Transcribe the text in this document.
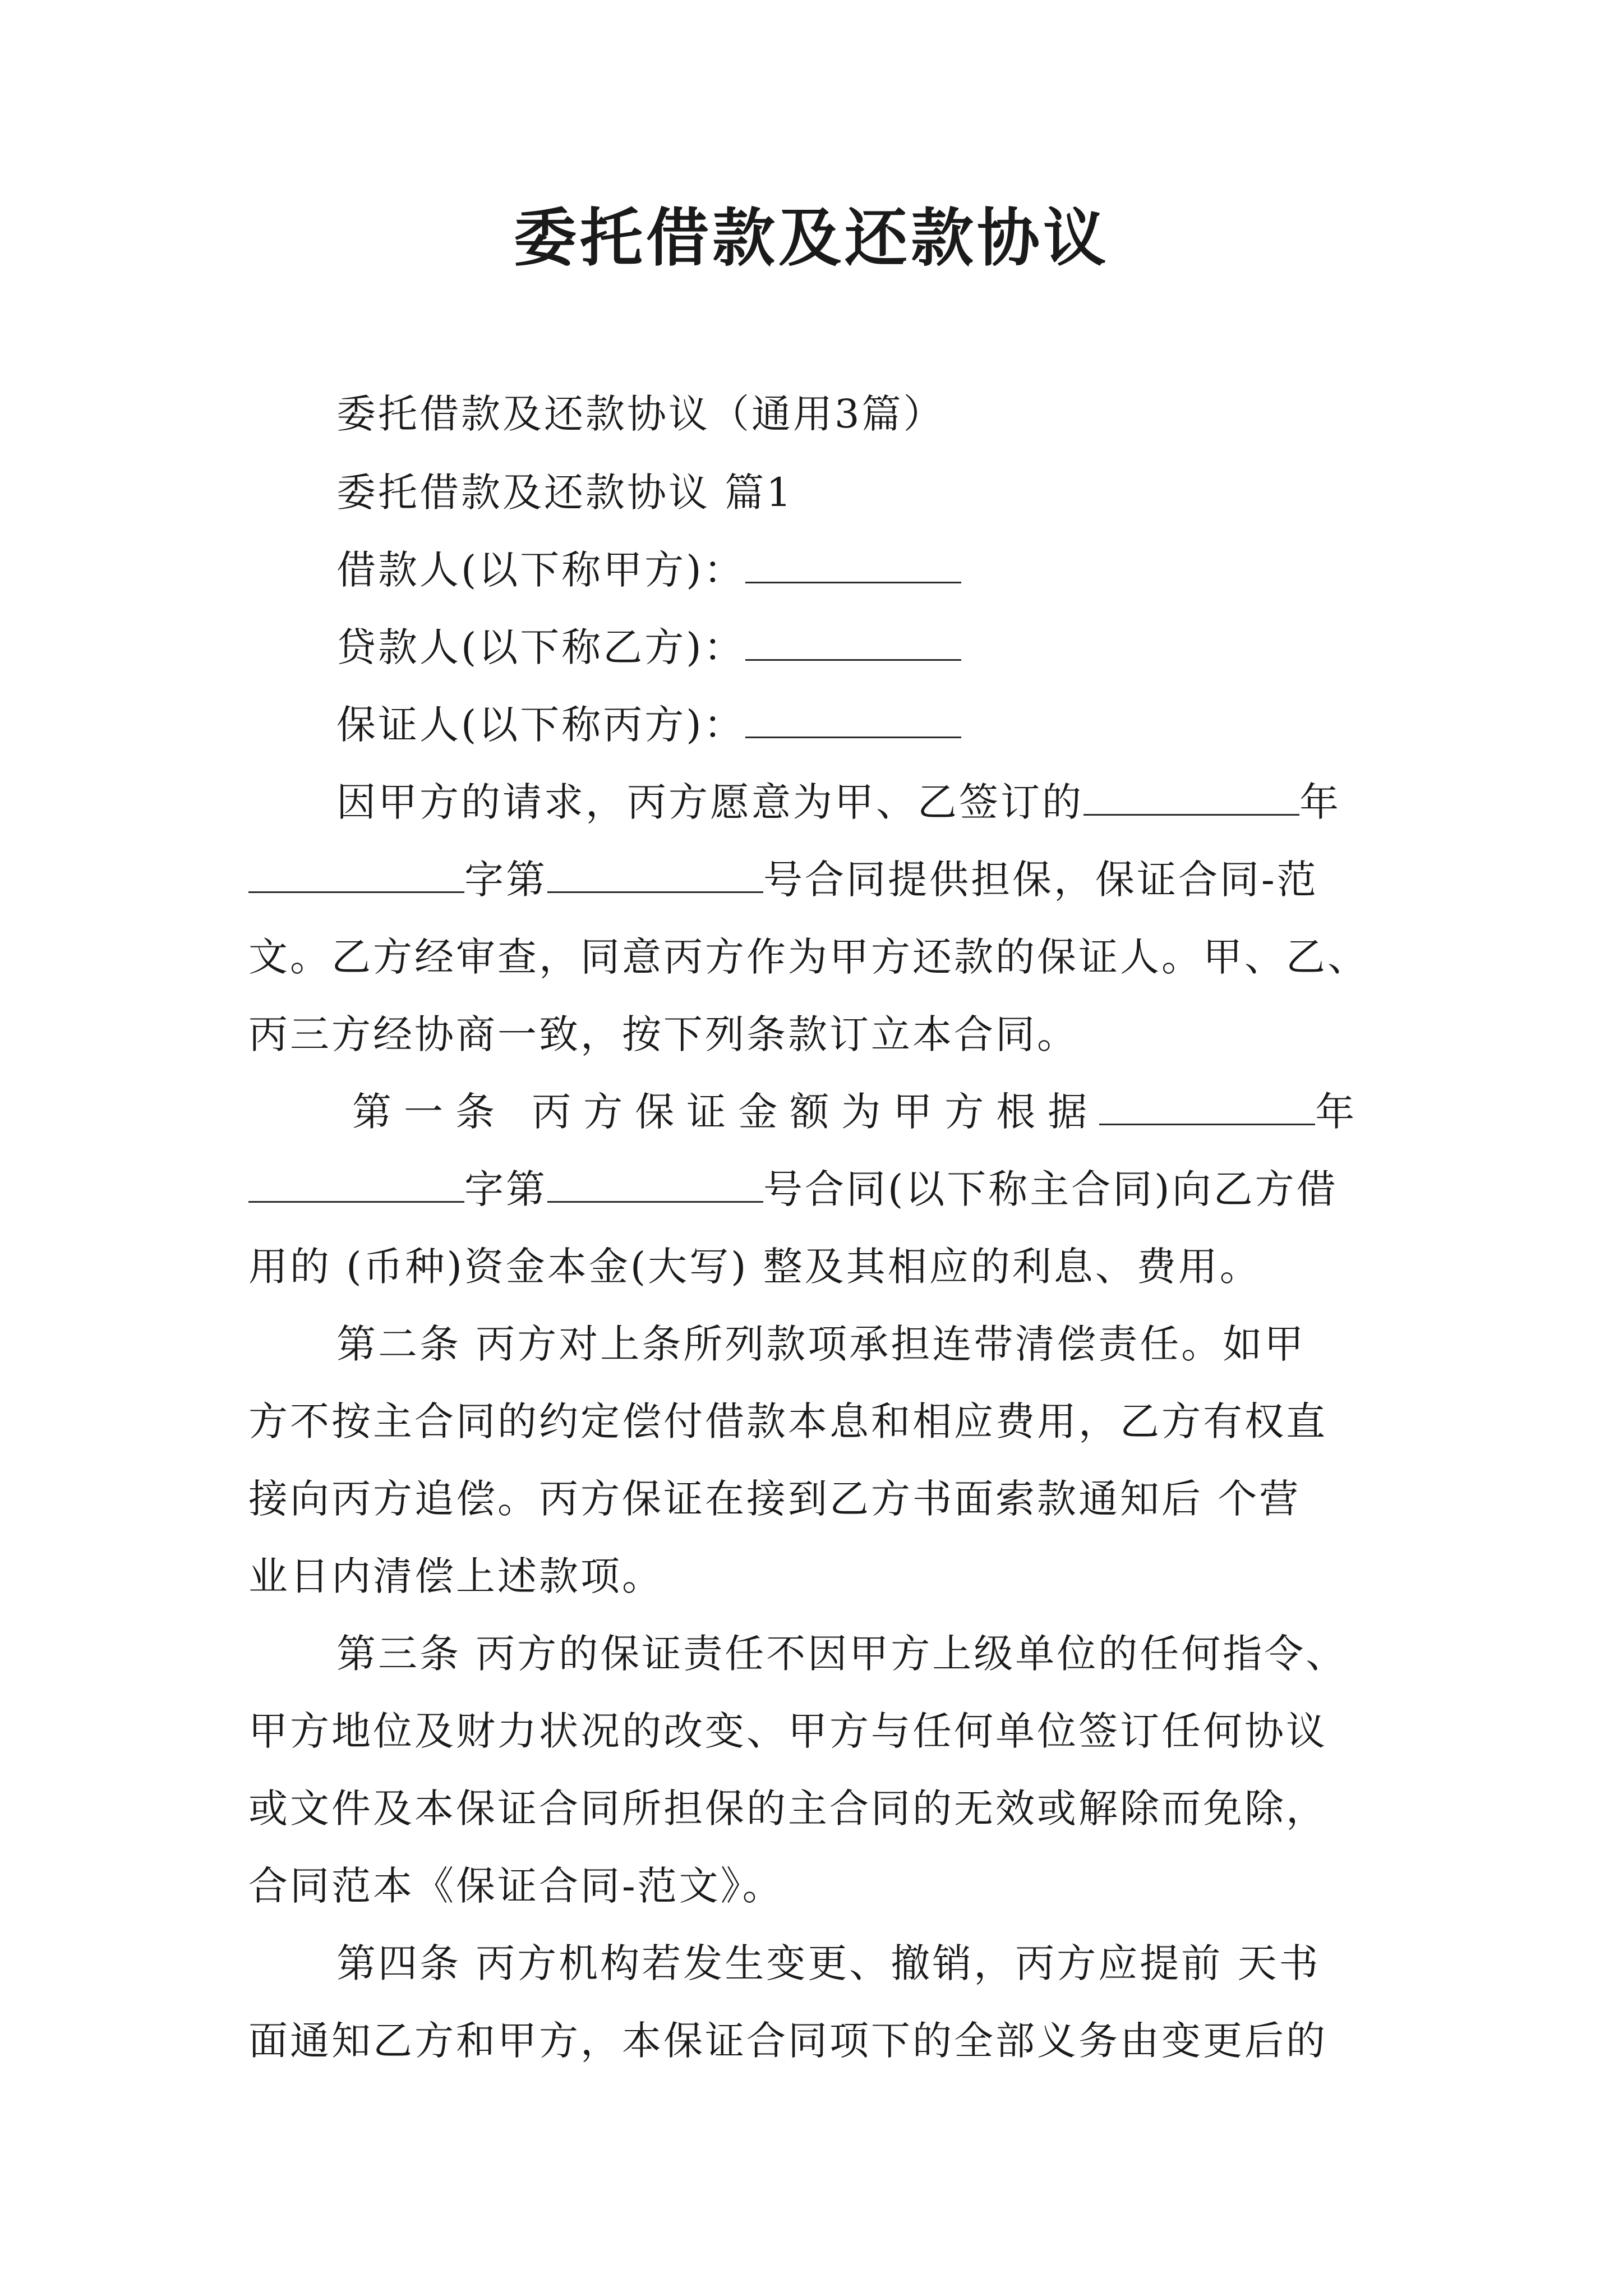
委托借款及还款协议
委托借款及还款协议（通用3篇）
委托借款及还款协议 篇1
借款人(以下称甲方)：
贷款人(以下称乙方)：
保证人(以下称丙方)：
因甲方的请求，丙方愿意为甲、乙签订的	年
字第	号合同提供担保，保证合同-范
文。乙方经审查，同意丙方作为甲方还款的保证人。甲、乙、
丙三方经协商一致，按下列条款订立本合同。
第一条 丙方保证金额为甲方根据	年
字第	号合同(以下称主合同)向乙方借
用的 (币种)资金本金(大写) 整及其相应的利息、费用。
第二条 丙方对上条所列款项承担连带清偿责任。如甲
方不按主合同的约定偿付借款本息和相应费用，乙方有权直
接向丙方追偿。丙方保证在接到乙方书面索款通知后 个营
业日内清偿上述款项。
第三条 丙方的保证责任不因甲方上级单位的任何指令、
甲方地位及财力状况的改变、甲方与任何单位签订任何协议
或文件及本保证合同所担保的主合同的无效或解除而免除，
合同范本《保证合同-范文》。
第四条 丙方机构若发生变更、撤销，丙方应提前 天书
面通知乙方和甲方，本保证合同项下的全部义务由变更后的
